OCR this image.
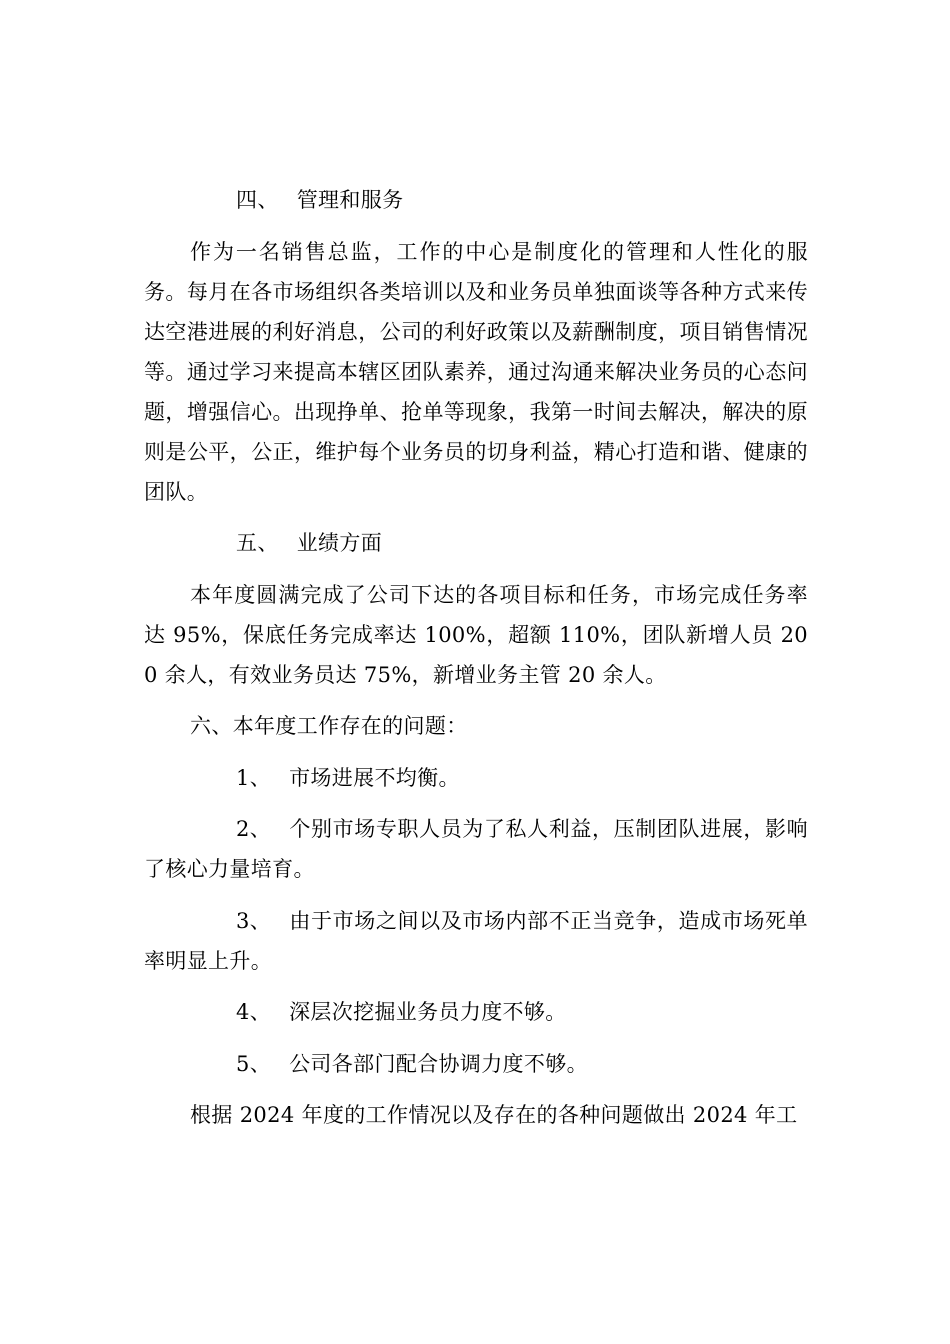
四、 管理和服务

作为一名销售总监，工作的中心是制度化的管理和人性化的服务。每月在各市场组织各类培训以及和业务员单独面谈等各种方式来传达空港进展的利好消息，公司的利好政策以及薪酬制度，项目销售情况等。通过学习来提高本辖区团队素养，通过沟通来解决业务员的心态问题，增强信心。出现挣单、抢单等现象，我第一时间去解决，解决的原则是公平，公正，维护每个业务员的切身利益，精心打造和谐、健康的团队。

五、 业绩方面

本年度圆满完成了公司下达的各项目标和任务，市场完成任务率达 95%，保底任务完成率达 100%，超额 110%，团队新增人员 200 余人，有效业务员达 75%，新增业务主管 20 余人。

六、本年度工作存在的问题：

1、 市场进展不均衡。

2、 个别市场专职人员为了私人利益，压制团队进展，影响了核心力量培育。

3、 由于市场之间以及市场内部不正当竞争，造成市场死单率明显上升。

4、 深层次挖掘业务员力度不够。

5、 公司各部门配合协调力度不够。

根据 2024 年度的工作情况以及存在的各种问题做出 2024 年工
